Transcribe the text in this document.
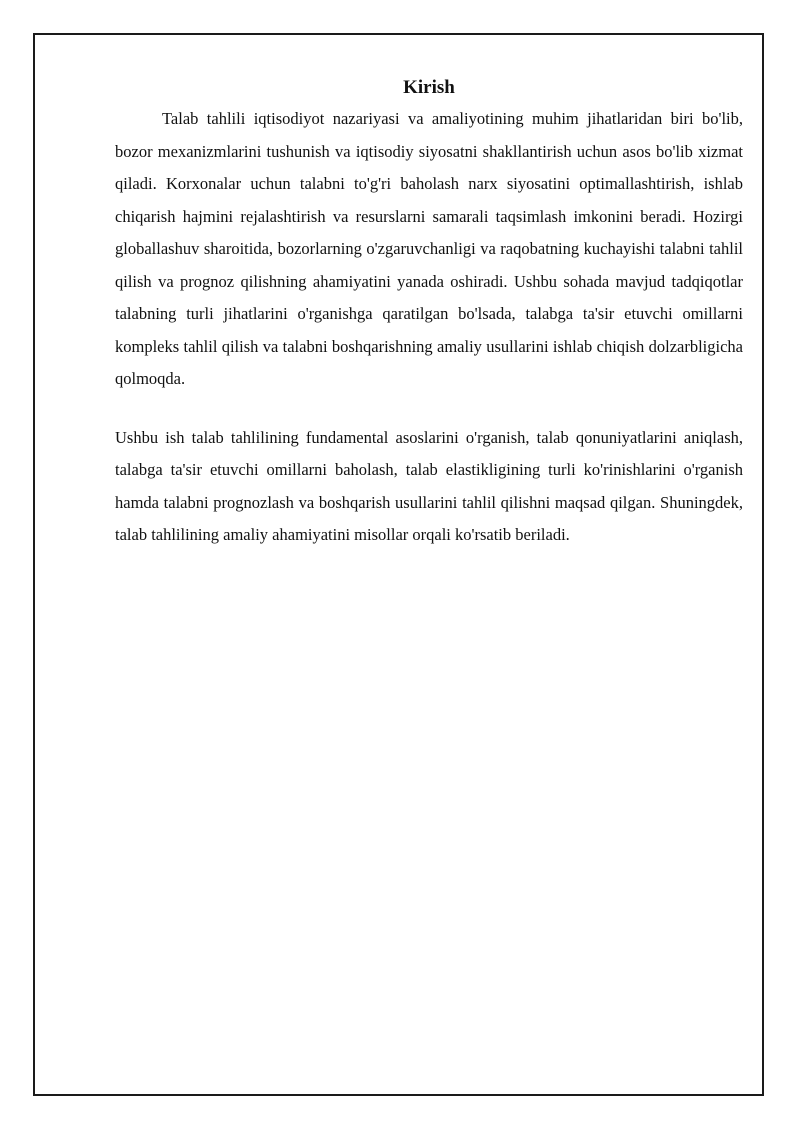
Kirish

Talab tahlili iqtisodiyot nazariyasi va amaliyotining muhim jihatlaridan biri bo'lib, bozor mexanizmlarini tushunish va iqtisodiy siyosatni shakllantirish uchun asos bo'lib xizmat qiladi. Korxonalar uchun talabni to'g'ri baholash narx siyosatini optimallashtirish, ishlab chiqarish hajmini rejalashtirish va resurslarni samarali taqsimlash imkonini beradi. Hozirgi globallashuv sharoitida, bozorlarning o'zgaruvchanligi va raqobatning kuchayishi talabni tahlil qilish va prognoz qilishning ahamiyatini yanada oshiradi. Ushbu sohada mavjud tadqiqotlar talabning turli jihatlarini o'rganishga qaratilgan bo'lsada, talabga ta'sir etuvchi omillarni kompleks tahlil qilish va talabni boshqarishning amaliy usullarini ishlab chiqish dolzarbligicha qolmoqda.

Ushbu ish talab tahlilining fundamental asoslarini o'rganish, talab qonuniyatlarini aniqlash, talabga ta'sir etuvchi omillarni baholash, talab elastikligining turli ko'rinishlarini o'rganish hamda talabni prognozlash va boshqarish usullarini tahlil qilishni maqsad qilgan. Shuningdek, talab tahlilining amaliy ahamiyatini misollar orqali ko'rsatib beriladi.
